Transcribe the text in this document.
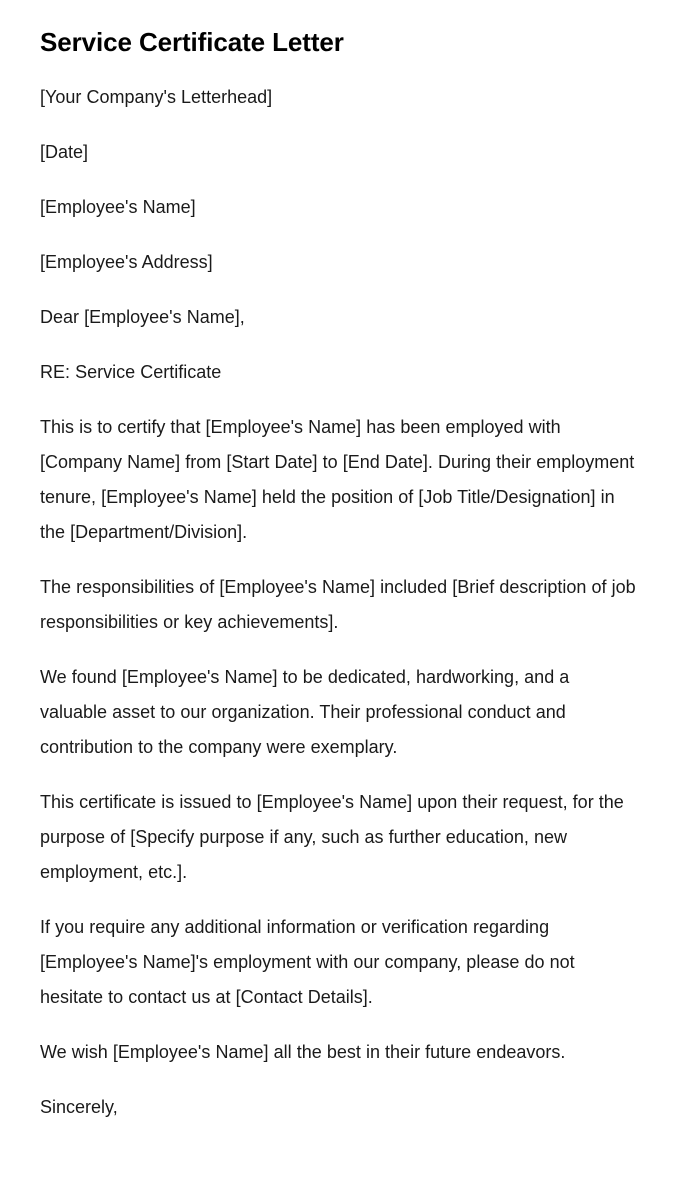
Service Certificate Letter

[Your Company's Letterhead]

[Date]

[Employee's Name]

[Employee's Address]

Dear [Employee's Name],

RE: Service Certificate

This is to certify that [Employee's Name] has been employed with [Company Name] from [Start Date] to [End Date]. During their employment tenure, [Employee's Name] held the position of [Job Title/Designation] in the [Department/Division].

The responsibilities of [Employee's Name] included [Brief description of job responsibilities or key achievements].

We found [Employee's Name] to be dedicated, hardworking, and a valuable asset to our organization. Their professional conduct and contribution to the company were exemplary.

This certificate is issued to [Employee's Name] upon their request, for the purpose of [Specify purpose if any, such as further education, new employment, etc.].

If you require any additional information or verification regarding [Employee's Name]'s employment with our company, please do not hesitate to contact us at [Contact Details].

We wish [Employee's Name] all the best in their future endeavors.

Sincerely,
